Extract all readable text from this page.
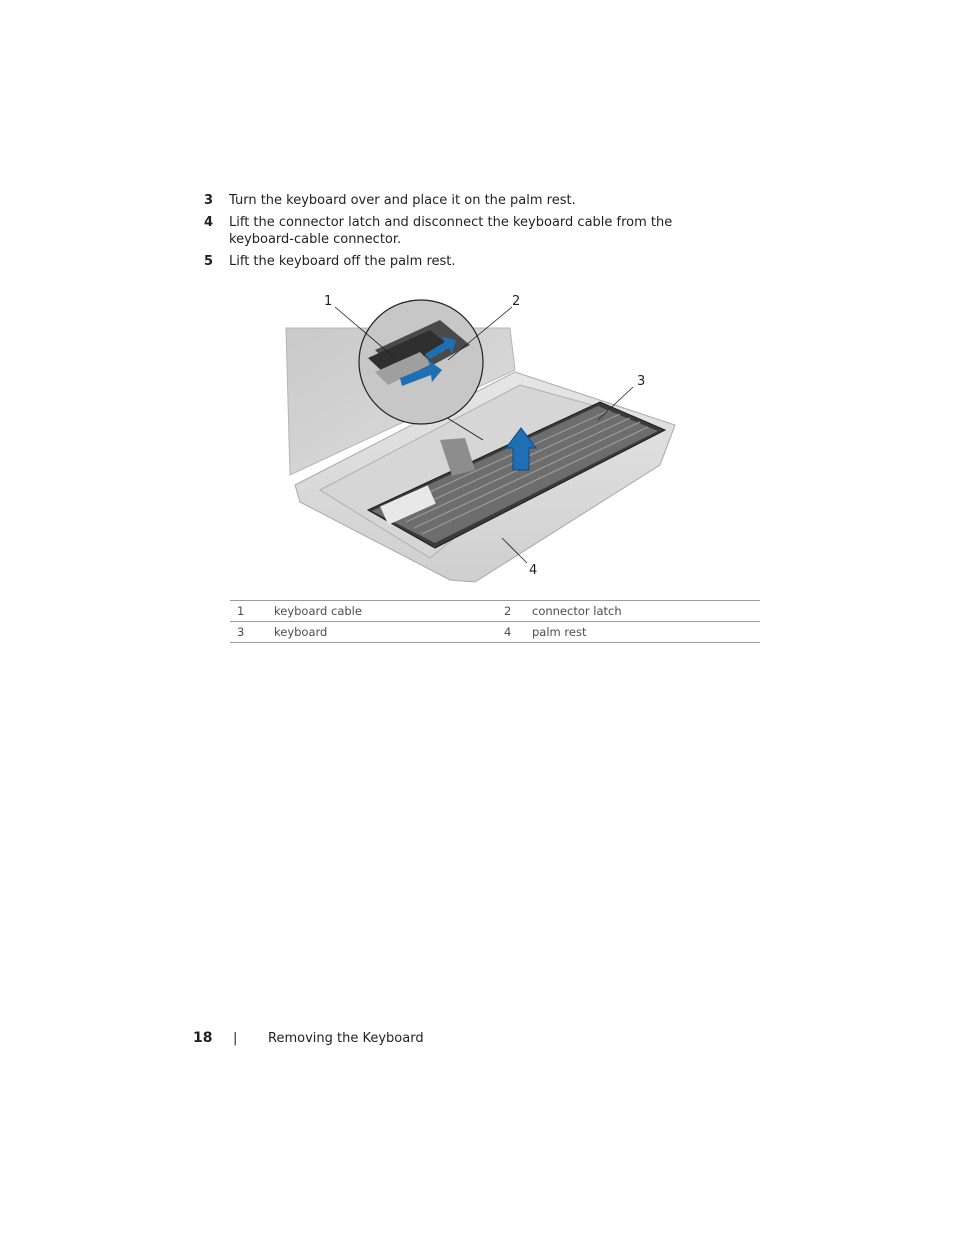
3	Turn the keyboard over and place it on the palm rest.
4	Lift the connector latch and disconnect the keyboard cable from the keyboard-cable connector.
5	Lift the keyboard off the palm rest.
1	2
3
4
1	keyboard cable	2	connector latch
3	keyboard	4	palm rest
18	|	Removing the Keyboard
